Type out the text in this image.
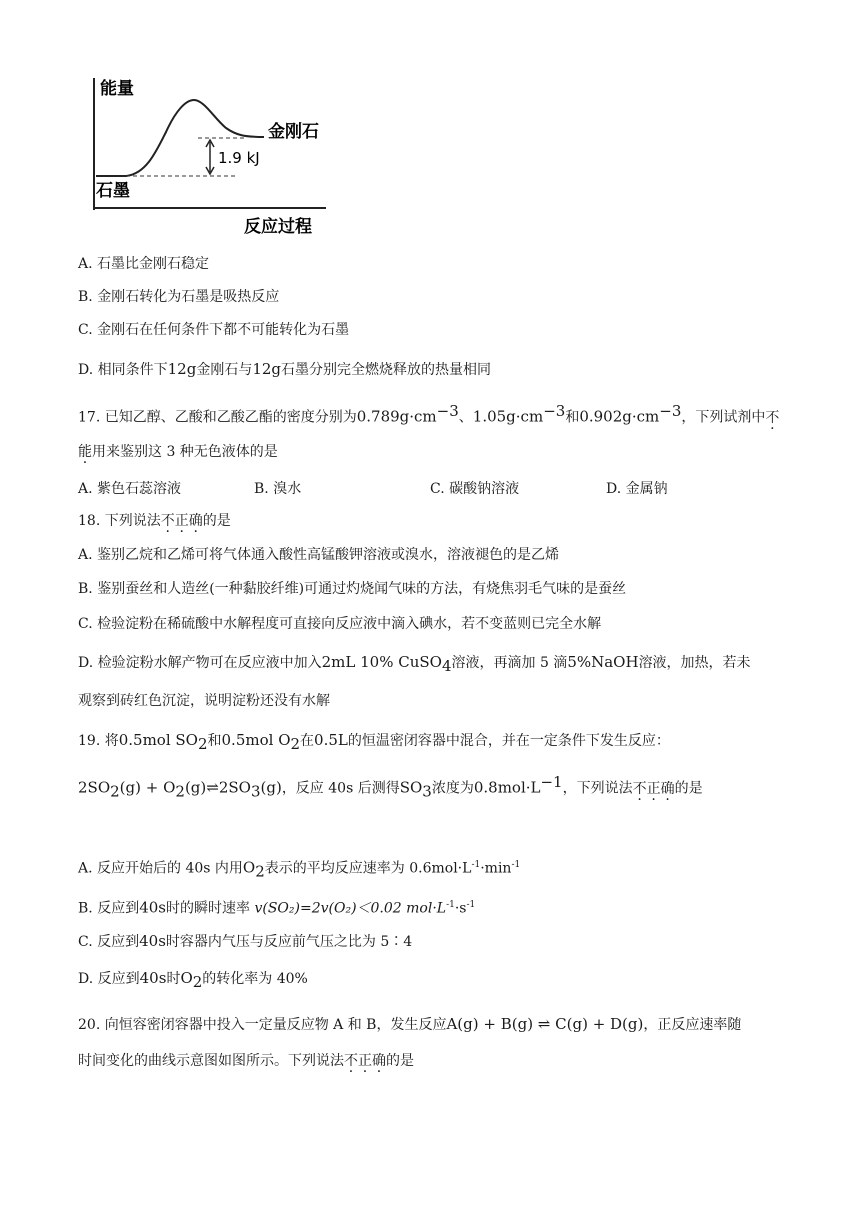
能量
反应过程
1.9 kJ
金刚石
石墨
A. 石墨比金刚石稳定
B. 金刚石转化为石墨是吸热反应
C. 金刚石在任何条件下都不可能转化为石墨
D. 相同条件下12g金刚石与12g石墨分别完全燃烧释放的热量相同
17. 已知乙醇、乙酸和乙酸乙酯的密度分别为$0.789g\cdot cm^{-3}$、$1.05g\cdot cm^{-3}$和$0.902g\cdot cm^{-3}$，下列试剂中不
能用来鉴别这 3 种无色液体的是
A. 紫色石蕊溶液	B. 溴水	C. 碳酸钠溶液	D. 金属钠
18. 下列说法不正确的是
A. 鉴别乙烷和乙烯可将气体通入酸性高锰酸钾溶液或溴水，溶液褪色的是乙烯
B. 鉴别蚕丝和人造丝(一种黏胶纤维)可通过灼烧闻气味的方法，有烧焦羽毛气味的是蚕丝
C. 检验淀粉在稀硫酸中水解程度可直接向反应液中滴入碘水，若不变蓝则已完全水解
D. 检验淀粉水解产物可在反应液中加入2mL 10% CuSO$_4$溶液，再滴加 5 滴5%NaOH溶液，加热，若未
观察到砖红色沉淀，说明淀粉还没有水解
19. 将0.5mol $SO_2$和0.5mol $O_2$在0.5L的恒温密闭容器中混合，并在一定条件下发生反应：
$2SO_2(g)$ + $O_2(g)\rightleftharpoons 2SO_3(g)$，反应 40s 后测得$SO_3$浓度为$0.8mol\cdot L^{-1}$，下列说法不正确的是
A. 反应开始后的 40s 内用$O_2$表示的平均反应速率为 $0.6mol\cdot L^{-1}\cdot\min^{-1}$
B. 反应到40s时的瞬时速率 v(SO₂)=2v(O₂)＜0.02 $mol\cdot L^{-1}\cdot s^{-1}$
C. 反应到40s时容器内气压与反应前气压之比为 5∶4
D. 反应到40s时$O_2$的转化率为 40%
20. 向恒容密闭容器中投入一定量反应物 A 和 B，发生反应A(g) + B(g) ⇌ C(g) + D(g)，正反应速率随
时间变化的曲线示意图如图所示。下列说法不正确的是
